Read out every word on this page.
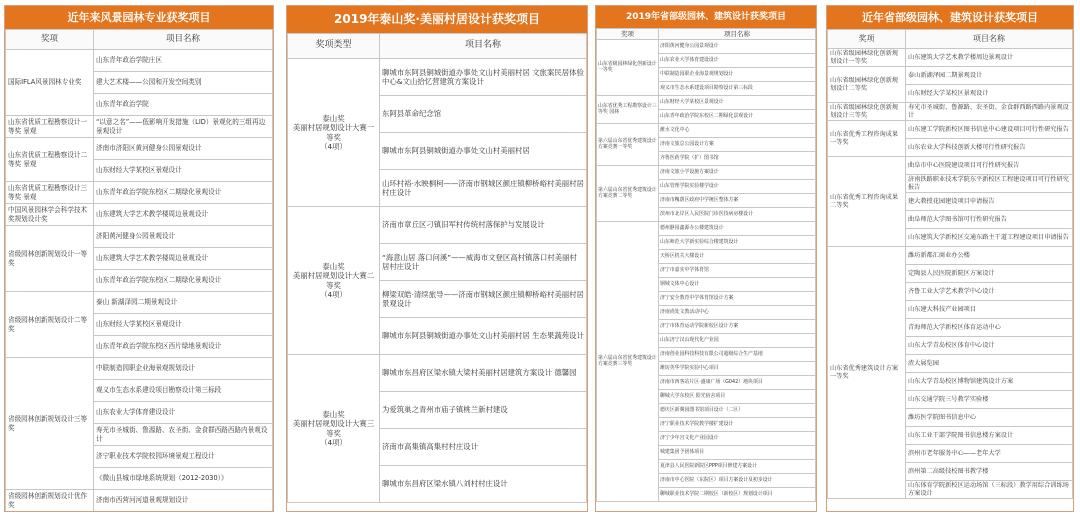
近年来风景园林专业获奖项目
奖项	项目名称
国际IFLA风景园林专业奖	山东青年政治学院庄区
	建大艺术楼——公园和开发空间类别
	山东青年政治学院
山东省优质工程勘察设计一等奖 景观	“以意之名”——低影响开发措施（LID）景观化的三组再边景观设计
山东省优质工程勘察设计二等奖 景观	济南市济阳区黄河健身公园景观设计
	山东财经大学某校区景观设计
山东省优质工程勘察设计三等奖 景观	山东青年政治学院东校区二期绿化景观设计
中国风景园林学会科学技术奖规划设计奖	山东建筑大学艺术教学楼周边景观设计
省级园林创新规划设计一等奖	济阳黄河健身公园景观设计
	山东建筑大学艺术教学楼周边景观设计
	山东青年政治学院东校区二期绿化景观设计
省级园林创新规划设计二等奖	泰山 新湖泽园二期景观设计
	山东财经大学某校区景观设计
	山东青年政治学院东校区西片绿地景观设计
省级园林创新规划设计三等奖	中联制造园职企业海景观规划设计
	观义市生态水系建设项目勘察设计第三标段
	山东农业大学体育建设设计
	寿光市圣城街、鲁源路、农圣街、金食群西路西路内景观设计
	济宁职业技术学院校园环境景观工程设计
	《微山县城市绿地系统规划（2012-2030）》
省级园林创新规划设计优作奖	济南市西营河河道景观规划设计
2019年泰山奖·美丽村居设计获奖项目
奖项类型	项目名称
泰山奖
美丽村居规划设计大赛一等奖
（4项）	聊城市东阿县铜城街道办事处文山村美丽村居 文旅案民居体验中心&文山拾忆营建筑方案设计
	东阿县革命纪念馆
	聊城市东阿县铜城街道办事处文山村美丽村居
	山环村裕·水映桐柯——济南市钢城区颜庄镇柳桥峪村美丽村居村庄设计
泰山奖
美丽村居规划设计大赛二等奖
（4项）	济南市章丘区刁镇旧军村传统村落保护与发展设计
	“海意山居 落口问溪”——威海市文登区高村镇落口村美丽村居村庄设计
	柳梁双皓·清续旅导——济南市钢城区颜庄镇柳桥峪村美丽村居景观设计
	聊城市东阿县铜城街道办事处文山村美丽村居 生态果蔬苑设计
泰山奖
美丽村居规划设计大赛三等奖
（4项）	聊城市东昌府区梁水镇大梁村美丽村居建筑方案设计 德馨园
	为爱筑巢之青州市庙子镇桃兰新村建设
	济南市高集镇高集村村庄设计
	聊城市东昌府区梁水镇八刘村村庄设计
2019年省部级园林、建筑设计获奖项目
奖项	项目名称
山东省级园林绿化创新设计一等奖	济阳黄河健身公园景观设计
	山东农业大学体育建设设计
	中联制造园职企业海景观规划设计
	观义市生态水系建设项目勘察设计第三标段
山东省优秀工程勘察设计三等奖 园林	山东财经大学某校区景观设计
	山东青年政治学院东校区二期绿化景观设计
第六届山东省优秀建筑设计方案竞赛一等奖	潍水文化中心
	济南文旅总公园设计方案
	齐鲁医药学院（扩）图书馆
第六届山东省优秀建筑设计方案竞赛二等奖	济南文旅小学设施方案设计
	山东管理学院实验楼学设计
	济南市槐荫区政府中学统区整体方案
	滨州市北岸区人民医院门诊医技病房楼设计
第六届山东省优秀建筑设计方案竞赛三等奖	德州静园鑫源办公楼建筑设计
	山东师范大学新实验综合楼建筑设计
	天桥区机关大楼设计
	济宁市嘉实中学体育馆
	钢城文体中心设计
	济宁安全教育中学体育馆设计方案
	济南尚处文教活动中心
	济宁市体育运动学院新校区设计方案
	山东济宁汉山现代化产业园
	济南创业园科技科技有限公司超级综合生产基地
	潍坊英华学院实验中心项目
	济南市西客站片区·盛康广场（G042）地块项目
	聊城大学东校区 阳光宿舍项目
	德庆区新翼园图书馆项目设计（二区）
	济宁职业技术学院教学楼扩建设计
	济宁少年宫文化产业园设计
	城建集团予团体项目
	夏津县人民医院新院区PPP项目修建方案设计
	济南市中心医院（东院区）项目方案设计及初步设计
	聊城职业技术学院二期校区（新校区）规划设计项目
近年省部级园林、建筑设计获奖项目
奖项	项目名称
山东省级园林绿化创新规划设计一等奖	山东建筑大学艺术教学楼周边景观设计
山东省级园林绿化创新规划设计二等奖	泰山新湖泽园二期景观设计
	山东财经大学某校区景观设计
山东省级园林绿化创新规划设计三等奖	寿光市圣城街、鲁源路、农圣街、金食群西路西路内景观设计
山东省优秀工程咨询成果一等奖	山东建工学院新校区图书信息中心建设项目可行性研究报告
	山东农业大学科技创新大楼可行性研究报告
山东省优秀工程咨询成果二等奖	曲阜市中心医院建设项目可行性研究报告
	济南铁路职业技术学院东平新校区工程建设项目可行性研究报告
	建大教授花园建设项目申请报告
	曲阜师范大学图书馆可行性研究报告
	山东建筑大学新校区交通东路主干道工程建设项目申请报告
山东省优秀建筑设计方案一等奖	潍坊新都汇商业办公楼
	定陶县人民医院新院区方案设计
	齐鲁工业大学艺术教学中心设计
	山东建大科技产业园项目
	青海师范大学新校区体育运动中心
	山东大学青岛校区体育中心设计
	渣大展览园
	山东大学青岛校区博物馆建筑设计方案
	山东交通学院三号教学实验楼
	潍坊医学院图书信息中心
	山东工业干部学院图书信息楼方案设计
	滨州市老年服务中心——老年大学
	滨州第二高级技校图书教学楼
	山东体育学院新校区运动场馆（三标段）教学用综合训练场方案设计
